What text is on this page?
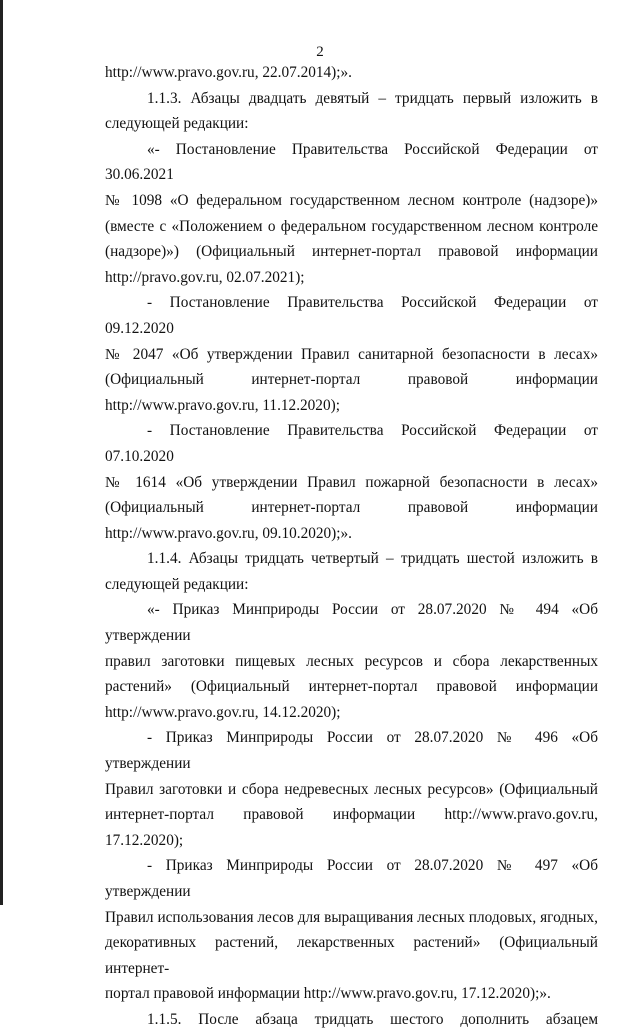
2

http://www.pravo.gov.ru, 22.07.2014);».

1.1.3. Абзацы двадцать девятый – тридцать первый изложить в

следующей редакции:

«- Постановление Правительства Российской Федерации от 30.06.2021

№ 1098 «О федеральном государственном лесном контроле (надзоре)»

(вместе с «Положением о федеральном государственном лесном контроле

(надзоре)») (Официальный интернет-портал правовой информации

http://pravo.gov.ru, 02.07.2021);

- Постановление Правительства Российской Федерации от 09.12.2020

№ 2047 «Об утверждении Правил санитарной безопасности в лесах»

(Официальный интернет-портал правовой информации

http://www.pravo.gov.ru, 11.12.2020);

- Постановление Правительства Российской Федерации от 07.10.2020

№ 1614 «Об утверждении Правил пожарной безопасности в лесах»

(Официальный интернет-портал правовой информации

http://www.pravo.gov.ru, 09.10.2020);».

1.1.4. Абзацы тридцать четвертый – тридцать шестой изложить в

следующей редакции:

«- Приказ Минприроды России от 28.07.2020 № 494 «Об утверждении

правил заготовки пищевых лесных ресурсов и сбора лекарственных

растений» (Официальный интернет-портал правовой информации

http://www.pravo.gov.ru, 14.12.2020);

- Приказ Минприроды России от 28.07.2020 № 496 «Об утверждении

Правил заготовки и сбора недревесных лесных ресурсов» (Официальный

интернет-портал правовой информации http://www.pravo.gov.ru, 17.12.2020);

- Приказ Минприроды России от 28.07.2020 № 497 «Об утверждении

Правил использования лесов для выращивания лесных плодовых, ягодных,

декоративных растений, лекарственных растений» (Официальный интернет-

портал правовой информации http://www.pravo.gov.ru, 17.12.2020);».

1.1.5. После абзаца тридцать шестого дополнить абзацем
